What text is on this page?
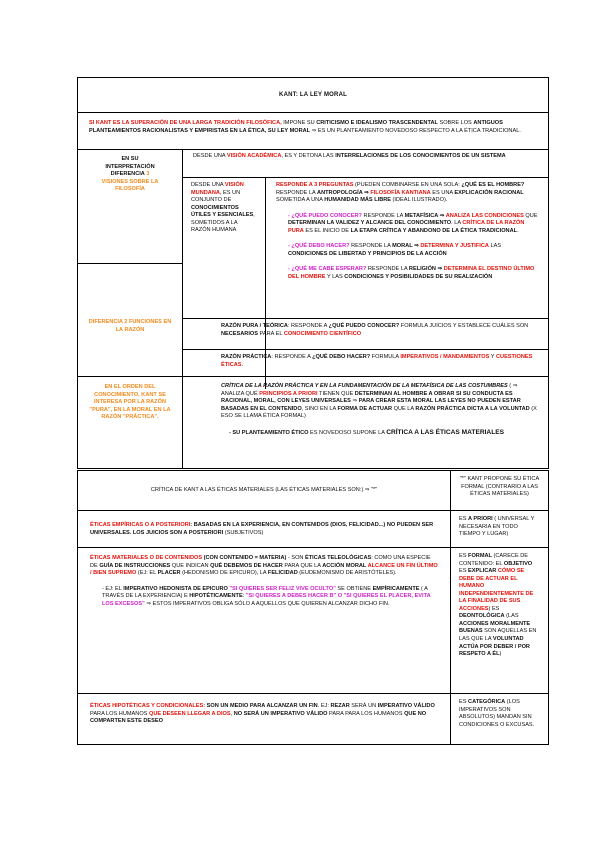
KANT: LA LEY MORAL
SI KANT ES LA SUPERACIÓN DE UNA LARGA TRADICIÓN FILOSÓFICA, IMPONE SU CRITICISMO E IDEALISMO TRASCENDENTAL SOBRE LOS ANTIGUOS PLANTEAMIENTOS RACIONALISTAS Y EMPIRISTAS EN LA ÉTICA, SU LEY MORAL ⇒ ES UN PLANTEAMIENTO NOVEDOSO RESPECTO A LA ÉTICA TRADICIONAL.

EN SU

INTERPRETACIÓN

DIFERENCIA 3

VISIONES SOBRE LA FILOSOFÍA

DESDE UNA VISIÓN ACADÉMICA, ES Y DETONA LAS INTERRELACIONES DE LOS CONOCIMIENTOS DE UN SISTEMA
DESDE UNA VISIÓN MUNDANA, ES UN CONJUNTO DE CONOCIMIENTOS ÚTILES Y ESENCIALES, SOMETIDOS A LA RAZÓN HUMANA

RESPONDE A 3 PREGUNTAS (PUEDEN COMBINARSE EN UNA SOLA: ¿QUÉ ES EL HOMBRE? RESPONDE LA ANTROPOLOGÍA ⇒ FILOSOFÍA KANTIANA ES UNA EXPLICACIÓN RACIONAL SOMETIDA A UNA HUMANIDAD MÁS LIBRE (IDEAL ILUSTRADO).

- ¿QUÉ PUEDO CONOCER? RESPONDE LA METAFÍSICA ⇒ ANALIZA LAS CONDICIONES QUE DETERMINAN LA VALIDEZ Y ALCANCE DEL CONOCIMIENTO. LA CRÍTICA DE LA RAZÓN PURA ES EL INICIO DE LA ETAPA CRÍTICA Y ABANDONO DE LA ÉTICA TRADICIONAL.

- ¿QUÉ DEBO HACER? RESPONDE LA MORAL ⇒ DETERMINA Y JUSTIFICA LAS CONDICIONES DE LIBERTAD Y PRINCIPIOS DE LA ACCIÓN

- ¿QUÉ ME CABE ESPERAR? RESPONDE LA RELIGIÓN ⇒ DETERMINA EL DESTINO ÚLTIMO DEL HOMBRE Y LAS CONDICIONES Y POSIBILIDADES DE SU REALIZACIÓN

DIFERENCIA 2 FUNCIONES EN LA RAZÓN
RAZÓN PURA / TEÓRICA: RESPONDE A ¿QUÉ PUEDO CONOCER? FORMULA JUICIOS Y ESTABLECE CUÁLES SON NECESARIOS PARA EL CONOCIMIENTO CIENTÍFICO
RAZÓN PRÁCTICA: RESPONDE A ¿QUÉ DEBO HACER? FORMULA IMPERATIVOS / MANDAMIENTOS Y CUESTIONES ÉTICAS.
EN EL ORDEN DEL CONOCIMIENTO, KANT SE INTERESA POR LA RAZÓN "PURA", EN LA MORAL EN LA RAZÓN "PRÁCTICA".

CRÍTICA DE LA RAZÓN PRÁCTICA Y EN LA FUNDAMENTACIÓN DE LA METAFÍSICA DE LAS COSTUMBRES ( ⇒ ANALIZA QUÉ PRINCIPIOS A PRIORI TIENEN QUE DETERMINAN AL HOMBRE A OBRAR SI SU CONDUCTA ES RACIONAL, MORAL, CON LEYES UNIVERSALES ⇒ PARA CREAR ESTA MORAL LAS LEYES NO PUEDEN ESTAR BASADAS EN EL CONTENIDO, SINO EN LA FORMA DE ACTUAR QUE LA RAZÓN PRÁCTICA DICTA A LA VOLUNTAD (X ESO SE LLAMA ÉTICA FORMAL)

- SU PLANTEAMIENTO ÉTICO ES NOVEDOSO SUPONE LA CRÍTICA A LAS ÉTICAS MATERIALES

CRÍTICA DE KANT A LAS ÉTICAS MATERIALES (LAS ÉTICAS MATERIALES SON:) ⇒ "*"
"*" KANT PROPONE SU ÉTICA FORMAL (CONTRARIO A LAS ÉTICAS MATERIALES)
ÉTICAS EMPÍRICAS O A POSTERIORI: BASADAS EN LA EXPERIENCIA, EN CONTENIDOS (DIOS, FELICIDAD...) NO PUEDEN SER UNIVERSALES. LOS JUICIOS SON A POSTERIORI (SUBJETIVOS)
ES A PRIORI ( UNIVERSAL Y NECESARIA EN TODO TIEMPO Y LUGAR)

ÉTICAS MATERIALES O DE CONTENIDOS (CON CONTENIDO = MATERIA) - SON ÉTICAS TELEOLÓGICAS: COMO UNA ESPECIE DE GUÍA DE INSTRUCCIONES QUE INDICAN QUÉ DEBEMOS DE HACER PARA QUE LA ACCIÓN MORAL ALCANCE UN FIN ÚLTIMO / BIEN SUPREMO (EJ: EL PLACER (HEDONISMO DE EPICURO), LA FELICIDAD (EUDEMONISMO DE ARISTÓTELES).

- EJ: EL IMPERATIVO HEDONISTA DE EPICURO "SI QUIERES SER FELIZ VIVE OCULTO" SE OBTIENE EMPÍRICAMENTE ( A TRAVÉS DE LA EXPERIENCIA) E HIPOTÉTICAMENTE: "SI QUIERES A DEBES HACER B" O "SI QUIERES EL PLACER, EVITA LOS EXCESOS" ⇒ ESTOS IMPERATIVOS OBLIGA SÓLO A AQUELLOS QUE QUIEREN ALCANZAR DICHO FIN.

ES FORMAL (CARECE DE CONTENIDO: EL OBJETIVO ES EXPLICAR CÓMO SE DEBE DE ACTUAR EL HUMANO INDEPENDIENTEMENTE DE LA FINALIDAD DE SUS ACCIONES) ES DEONTOLÓGICA (LAS ACCIONES MORALMENTE BUENAS SON AQUELLAS EN LAS QUE LA VOLUNTAD ACTÚA POR DEBER / POR RESPETO A ÉL)
ÉTICAS HIPOTÉTICAS Y CONDICIONALES: SON UN MEDIO PARA ALCANZAR UN FIN. EJ: REZAR SERÁ UN IMPERATIVO VÁLIDO PARA LOS HUMANOS QUE DESEEN LLEGAR A DIOS, NO SERÁ UN IMPERATIVO VÁLIDO PARA PARA LOS HUMANOS QUE NO COMPARTEN ESTE DESEO
ES CATEGÓRICA (LOS IMPERATIVOS SON ABSOLUTOS) MANDAN SIN CONDICIONES O EXCUSAS.
